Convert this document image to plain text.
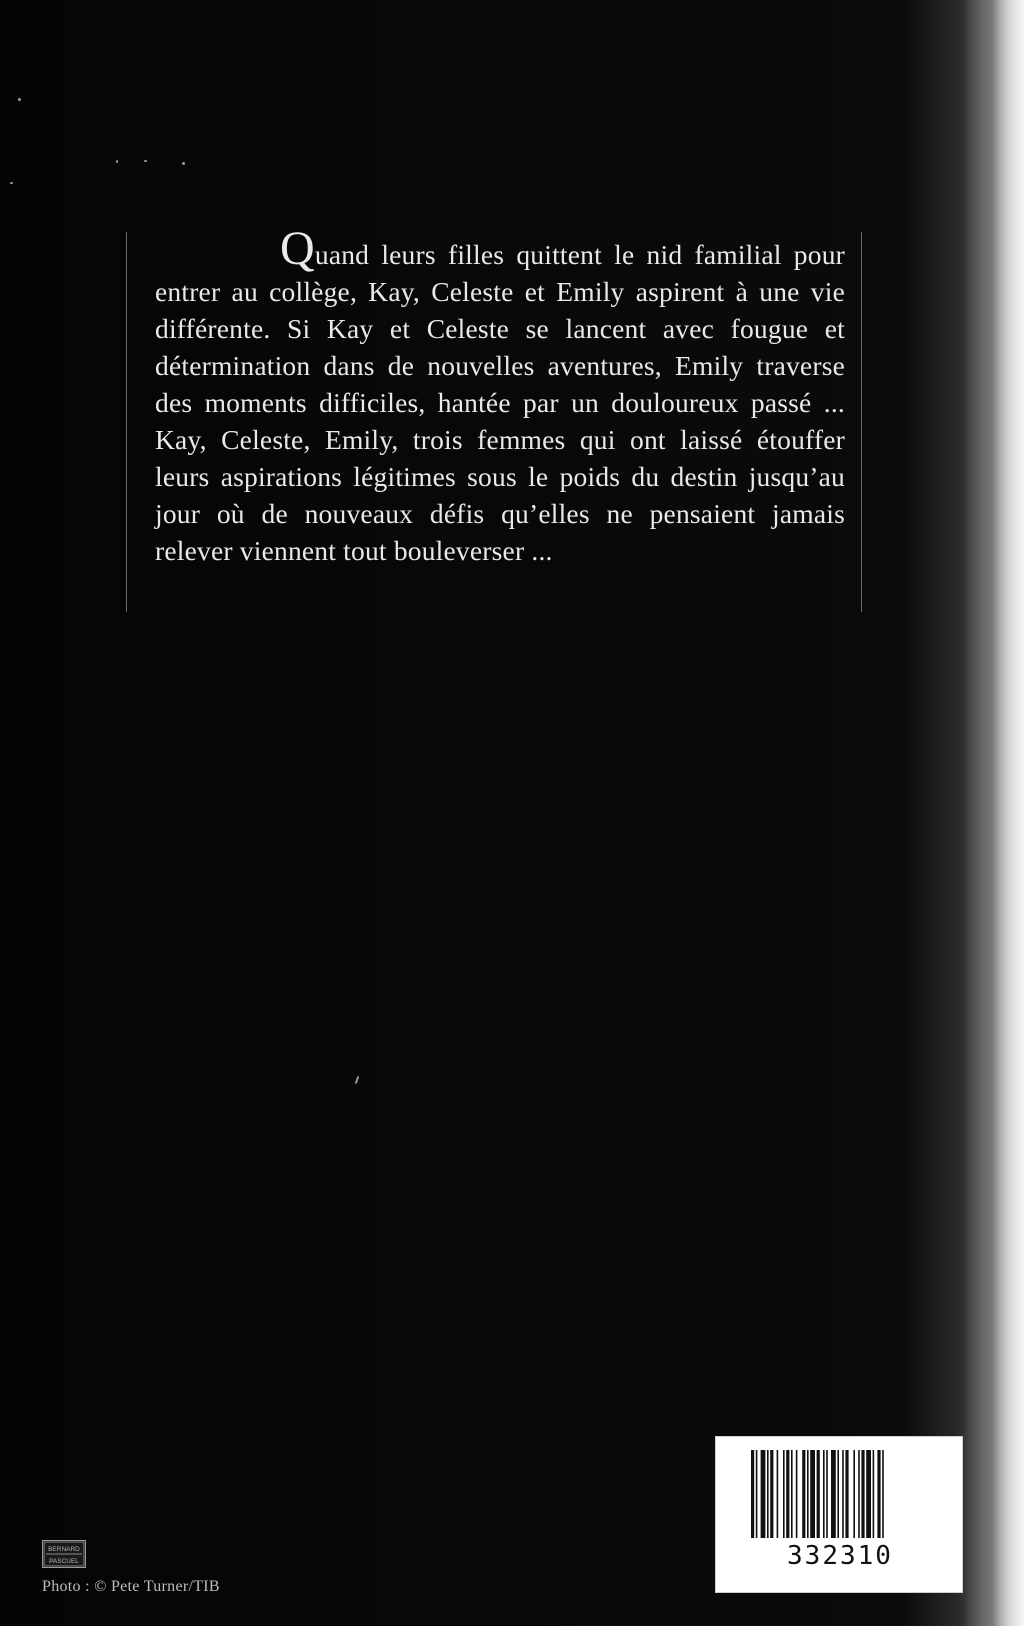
Quand leurs filles quittent le nid familial pour entrer au collège, Kay, Celeste et Emily aspirent à une vie différente. Si Kay et Celeste se lancent avec fougue et détermination dans de nouvelles aventures, Emily traverse des moments difficiles, hantée par un douloureux passé ... Kay, Celeste, Emily, trois femmes qui ont laissé étouffer leurs aspirations légitimes sous le poids du destin jusqu’au jour où de nouveaux défis qu’elles ne pensaient jamais relever viennent tout bouleverser ...

332310
BERNARD
PASCUEL
Photo : © Pete Turner/TIB
